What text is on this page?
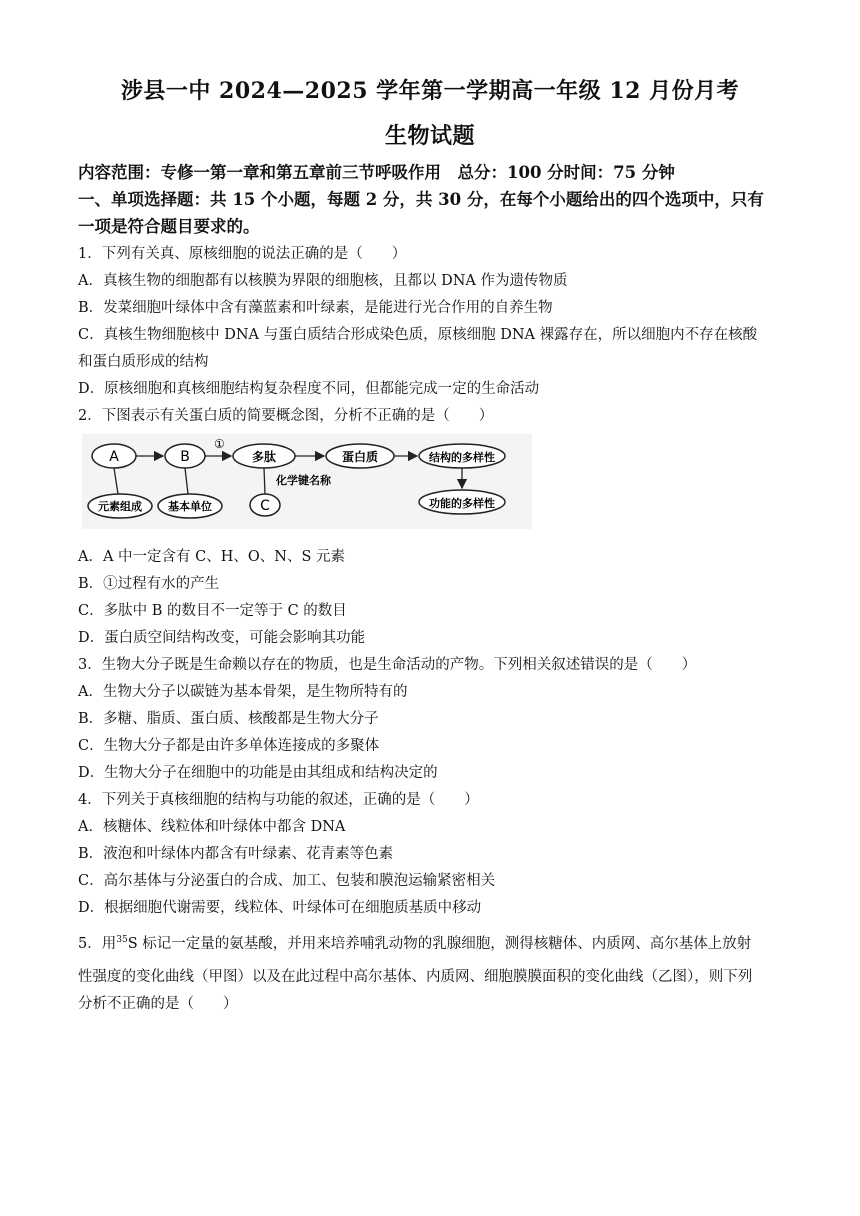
涉县一中 2024—2025 学年第一学期高一年级 12 月份月考
生物试题
内容范围：专修一第一章和第五章前三节呼吸作用　总分：100 分时间：75 分钟
一、单项选择题：共 15 个小题，每题 2 分，共 30 分，在每个小题给出的四个选项中，只有
一项是符合题目要求的。
1．下列有关真、原核细胞的说法正确的是（　　）
A．真核生物的细胞都有以核膜为界限的细胞核，且都以 DNA 作为遗传物质
B．发菜细胞叶绿体中含有藻蓝素和叶绿素，是能进行光合作用的自养生物
C．真核生物细胞核中 DNA 与蛋白质结合形成染色质，原核细胞 DNA 裸露存在，所以细胞内不存在核酸
和蛋白质形成的结构
D．原核细胞和真核细胞结构复杂程度不同，但都能完成一定的生命活动
2．下图表示有关蛋白质的简要概念图，分析不正确的是（　　）
A	B	多肽	蛋白质	结构的多样性
功能的多样性
元素组成 基本单位	C
化学键名称
①
A．A 中一定含有 C、H、O、N、S 元素
B．①过程有水的产生
C．多肽中 B 的数目不一定等于 C 的数目
D．蛋白质空间结构改变，可能会影响其功能
3．生物大分子既是生命赖以存在的物质，也是生命活动的产物。下列相关叙述错误的是（　　）
A．生物大分子以碳链为基本骨架，是生物所特有的
B．多糖、脂质、蛋白质、核酸都是生物大分子
C．生物大分子都是由许多单体连接成的多聚体
D．生物大分子在细胞中的功能是由其组成和结构决定的
4．下列关于真核细胞的结构与功能的叙述，正确的是（　　）
A．核糖体、线粒体和叶绿体中都含 DNA
B．液泡和叶绿体内都含有叶绿素、花青素等色素
C．高尔基体与分泌蛋白的合成、加工、包装和膜泡运输紧密相关
D．根据细胞代谢需要，线粒体、叶绿体可在细胞质基质中移动
5．用$^{35}$S 标记一定量的氨基酸，并用来培养哺乳动物的乳腺细胞，测得核糖体、内质网、高尔基体上放射
性强度的变化曲线（甲图）以及在此过程中高尔基体、内质网、细胞膜膜面积的变化曲线（乙图），则下列
分析不正确的是（　　）
